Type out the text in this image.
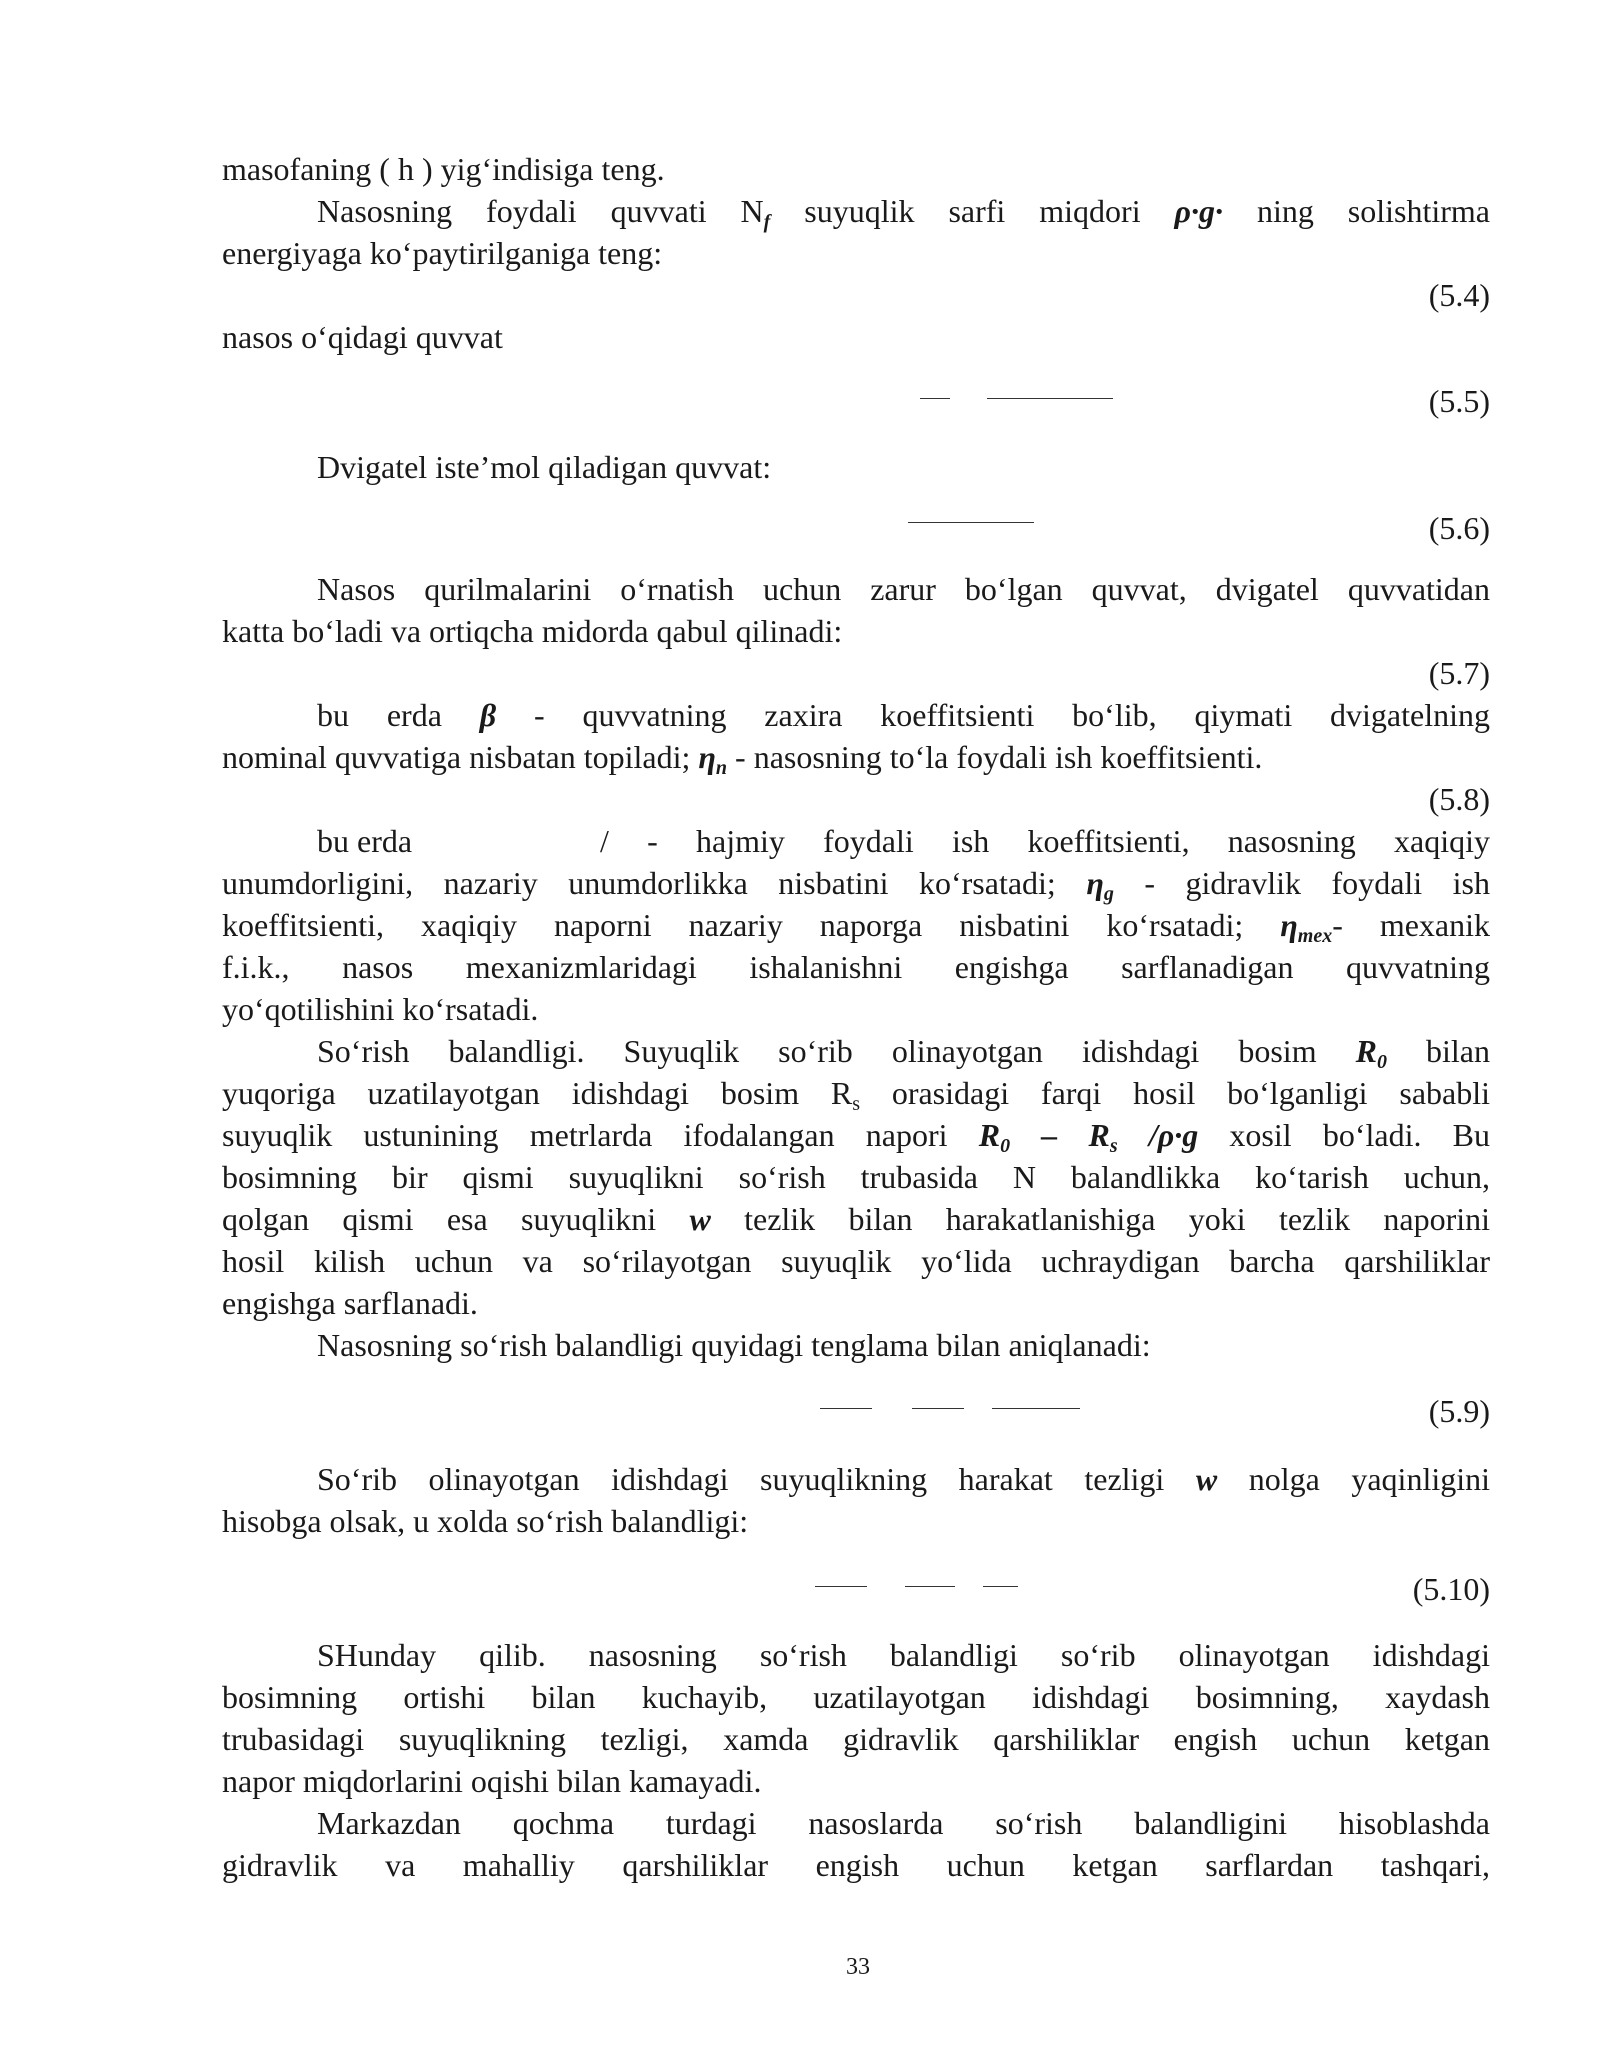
masofaning ( h ) yig‘indisiga teng.
Nasosning foydali quvvati $N_f$ suyuqlik sarfi miqdori ρ·g· ning solishtirma
energiyaga ko‘paytirilganiga teng:
(5.4)
nasos o‘qidagi quvvat
(5.5)
Dvigatel iste’mol qiladigan quvvat:
(5.6)
Nasos qurilmalarini o‘rnatish uchun zarur bo‘lgan quvvat, dvigatel quvvatidan
katta bo‘ladi va ortiqcha midorda qabul qilinadi:
(5.7)
bu erda β - quvvatning zaxira koeffitsienti bo‘lib, qiymati dvigatelning
nominal quvvatiga nisbatan topiladi; $\eta_n$ - nasosning to‘la foydali ish koeffitsienti.
(5.8)
bu erda	/ - hajmiy foydali ish koeffitsienti, nasosning xaqiqiy
unumdorligini, nazariy unumdorlikka nisbatini ko‘rsatadi; $\eta_g$ - gidravlik foydali ish
koeffitsienti, xaqiqiy naporni nazariy naporga nisbatini ko‘rsatadi; $\eta_{mex}-$ mexanik
f.i.k., nasos mexanizmlaridagi ishalanishni engishga sarflanadigan quvvatning
yo‘qotilishini ko‘rsatadi.
So‘rish balandligi. Suyuqlik so‘rib olinayotgan idishdagi bosim $R_0$ bilan
yuqoriga uzatilayotgan idishdagi bosim $R_s$ orasidagi farqi hosil bo‘lganligi sababli
suyuqlik ustunining metrlarda ifodalangan napori $R_0 - R_s$ /ρ·g xosil bo‘ladi. Bu
bosimning bir qismi suyuqlikni so‘rish trubasida N balandlikka ko‘tarish uchun,
qolgan qismi esa suyuqlikni w tezlik bilan harakatlanishiga yoki tezlik naporini
hosil kilish uchun va so‘rilayotgan suyuqlik yo‘lida uchraydigan barcha qarshiliklar
engishga sarflanadi.
Nasosning so‘rish balandligi quyidagi tenglama bilan aniqlanadi:
(5.9)
So‘rib olinayotgan idishdagi suyuqlikning harakat tezligi w nolga yaqinligini
hisobga olsak, u xolda so‘rish balandligi:
(5.10)
SHunday qilib. nasosning so‘rish balandligi so‘rib olinayotgan idishdagi
bosimning ortishi bilan kuchayib, uzatilayotgan idishdagi bosimning, xaydash
trubasidagi suyuqlikning tezligi, xamda gidravlik qarshiliklar engish uchun ketgan
napor miqdorlarini oqishi bilan kamayadi.
Markazdan qochma turdagi nasoslarda so‘rish balandligini hisoblashda
gidravlik va mahalliy qarshiliklar engish uchun ketgan sarflardan tashqari,
33
